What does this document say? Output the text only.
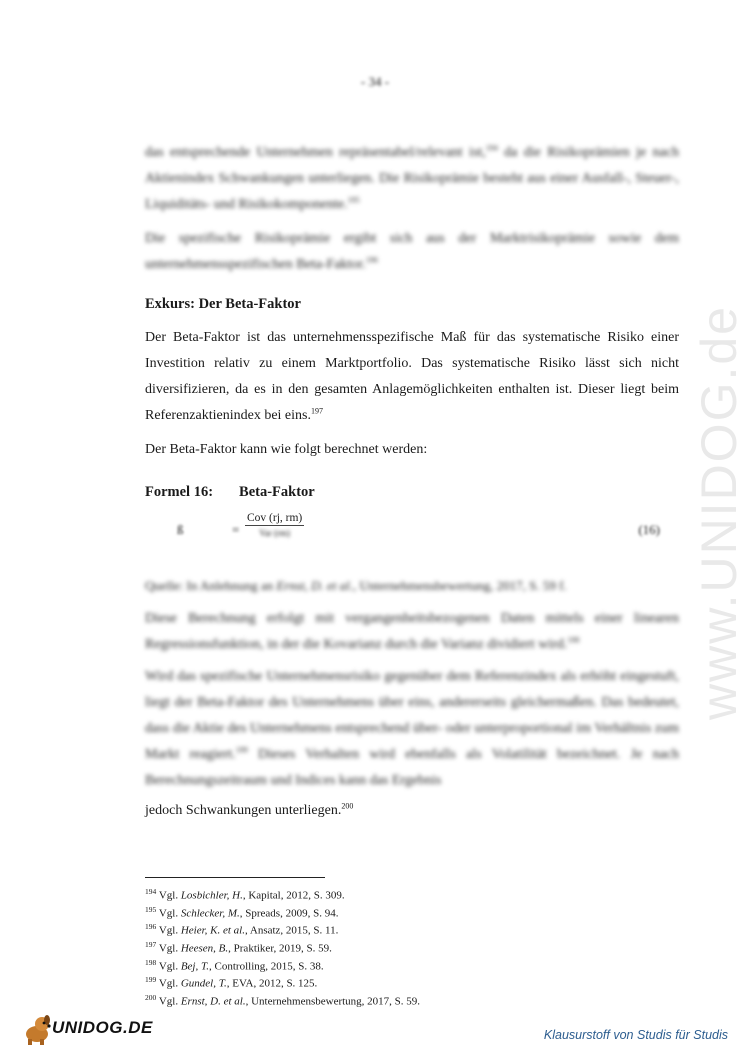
www.UNIDOG.de
- 34 -
das entsprechende Unternehmen repräsentabel/relevant ist,$^{194}$ da die Risikoprämien je nach Aktienindex Schwankungen unterliegen. Die Risikoprämie besteht aus einer Ausfall-, Steuer-, Liquiditäts- und Risikokomponente.$^{195}$
Die spezifische Risikoprämie ergibt sich aus der Marktrisikoprämie sowie dem unternehmensspezifischen Beta-Faktor.$^{196}$
Exkurs: Der Beta-Faktor
Der Beta-Faktor ist das unternehmensspezifische Maß für das systematische Risiko einer Investition relativ zu einem Marktportfolio. Das systematische Risiko lässt sich nicht diversifizieren, da es in den gesamten Anlagemöglichkeiten enthalten ist. Dieser liegt beim Referenzaktienindex bei eins.$^{197}$
Der Beta-Faktor kann wie folgt berechnet werden:
Formel 16: Beta-Faktor
ß	=
Cov (rj, rm)
Var (rm)	(16)
Quelle: In Anlehnung an Ernst, D. et al., Unternehmensbewertung, 2017, S. 59 f.
Diese Berechnung erfolgt mit vergangenheitsbezogenen Daten mittels einer linearen Regressionsfunktion, in der die Kovarianz durch die Varianz dividiert wird.$^{198}$
Wird das spezifische Unternehmensrisiko gegenüber dem Referenzindex als erhöht eingestuft, liegt der Beta-Faktor des Unternehmens über eins, andererseits gleichermaßen. Das bedeutet, dass die Aktie des Unternehmens entsprechend über- oder unterproportional im Verhältnis zum Markt reagiert.$^{199}$ Dieses Verhalten wird ebenfalls als Volatilität bezeichnet. Je nach Berechnungszeitraum und Indices kann das Ergebnis
jedoch Schwankungen unterliegen.$^{200}$
$^{194}$ Vgl. Losbichler, H., Kapital, 2012, S. 309.
$^{195}$ Vgl. Schlecker, M., Spreads, 2009, S. 94.
$^{196}$ Vgl. Heier, K. et al., Ansatz, 2015, S. 11.
$^{197}$ Vgl. Heesen, B., Praktiker, 2019, S. 59.
$^{198}$ Vgl. Bej, T., Controlling, 2015, S. 38.
$^{199}$ Vgl. Gundel, T., EVA, 2012, S. 125.
$^{200}$ Vgl. Ernst, D. et al., Unternehmensbewertung, 2017, S. 59.
UNIDOG.DE	Klausurstoff von Studis für Studis
